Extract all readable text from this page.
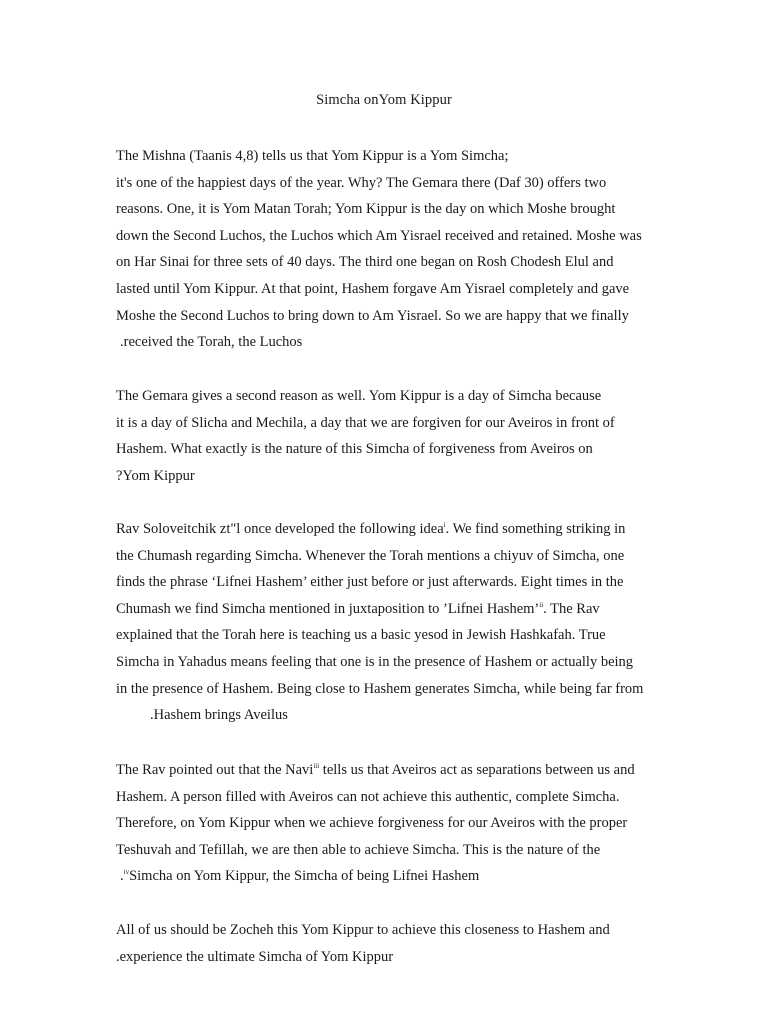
Simcha onYom Kippur
The Mishna (Taanis 4,8) tells us that Yom Kippur is a Yom Simcha;
it's one of the happiest days of the year. Why? The Gemara there (Daf 30) offers two
reasons. One, it is Yom Matan Torah; Yom Kippur is the day on which Moshe brought
down the Second Luchos, the Luchos which Am Yisrael received and retained. Moshe was
on Har Sinai for three sets of 40 days. The third one began on Rosh Chodesh Elul and
lasted until Yom Kippur. At that point, Hashem forgave Am Yisrael completely and gave
Moshe the Second Luchos to bring down to Am Yisrael. So we are happy that we finally
.received the Torah, the Luchos
The Gemara gives a second reason as well. Yom Kippur is a day of Simcha because
it is a day of Slicha and Mechila, a day that we are forgiven for our Aveiros in front of
Hashem. What exactly is the nature of this Simcha of forgiveness from Aveiros on
?Yom Kippur
Rav Soloveitchik zt"l once developed the following idea$^i$. We find something striking in
the Chumash regarding Simcha. Whenever the Torah mentions a chiyuv of Simcha, one
finds the phrase ‘Lifnei Hashem’ either just before or just afterwards. Eight times in the
Chumash we find Simcha mentioned in juxtaposition to ’Lifnei Hashem’$^{ii}$. The Rav
explained that the Torah here is teaching us a basic yesod in Jewish Hashkafah. True
Simcha in Yahadus means feeling that one is in the presence of Hashem or actually being
in the presence of Hashem. Being close to Hashem generates Simcha, while being far from
.Hashem brings Aveilus
The Rav pointed out that the Navi$^{iii}$ tells us that Aveiros act as separations between us and
Hashem. A person filled with Aveiros can not achieve this authentic, complete Simcha.
Therefore, on Yom Kippur when we achieve forgiveness for our Aveiros with the proper
Teshuvah and Tefillah, we are then able to achieve Simcha. This is the nature of the
.$^{iv}$Simcha on Yom Kippur, the Simcha of being Lifnei Hashem
All of us should be Zocheh this Yom Kippur to achieve this closeness to Hashem and
.experience the ultimate Simcha of Yom Kippur
